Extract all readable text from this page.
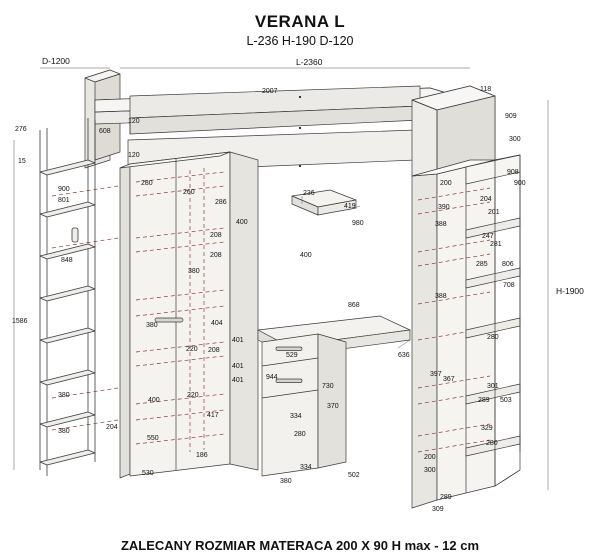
VERANA L
L-236 H-190 D-120
ZALECANY ROZMIAR MATERACA 200 X 90 H max - 12 cm
D-1200	L-2360
H-1900
2007	118
120
909
608
276
300
120
15
908
280	200	900
900	260	236
204
801	286
390
419
201
400	980	388
208	247
281
400
848
208
285 806
380
708
388
868
1586	404
380
280
401
529
208
220
636
397
367
401
730	301
401	944
370
400
220
289 503
380
334
417
280
329
550
280
204
380
186
334
380
502
200
300
530
289
309
